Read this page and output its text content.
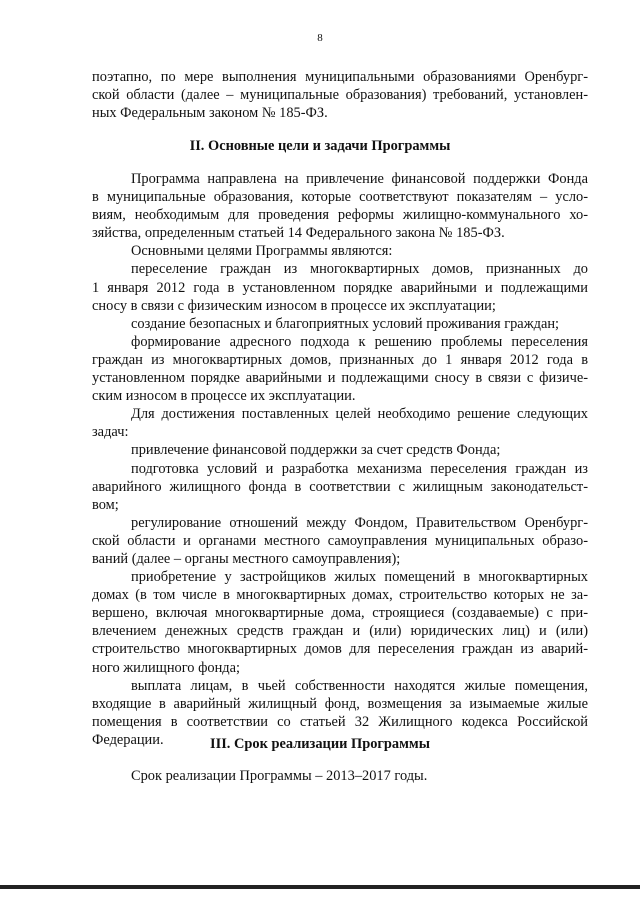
8
поэтапно, по мере выполнения муниципальными образованиями Оренбург-
ской области (далее – муниципальные образования) требований, установлен-
ных Федеральным законом № 185-ФЗ.
II. Основные цели и задачи Программы
Программа направлена на привлечение финансовой поддержки Фонда
в муниципальные образования, которые соответствуют показателям – усло-
виям, необходимым для проведения реформы жилищно-коммунального хо-
зяйства, определенным статьей 14 Федерального закона № 185-ФЗ.
Основными целями Программы являются:
переселение граждан из многоквартирных домов, признанных до
1 января 2012 года в установленном порядке аварийными и подлежащими
сносу в связи с физическим износом в процессе их эксплуатации;
создание безопасных и благоприятных условий проживания граждан;
формирование адресного подхода к решению проблемы переселения
граждан из многоквартирных домов, признанных до 1 января 2012 года в
установленном порядке аварийными и подлежащими сносу в связи с физиче-
ским износом в процессе их эксплуатации.
Для достижения поставленных целей необходимо решение следующих
задач:
привлечение финансовой поддержки за счет средств Фонда;
подготовка условий и разработка механизма переселения граждан из
аварийного жилищного фонда в соответствии с жилищным законодательст-
вом;
регулирование отношений между Фондом, Правительством Оренбург-
ской области и органами местного самоуправления муниципальных образо-
ваний (далее – органы местного самоуправления);
приобретение у застройщиков жилых помещений в многоквартирных
домах (в том числе в многоквартирных домах, строительство которых не за-
вершено, включая многоквартирные дома, строящиеся (создаваемые) с при-
влечением денежных средств граждан и (или) юридических лиц) и (или)
строительство многоквартирных домов для переселения граждан из аварий-
ного жилищного фонда;
выплата лицам, в чьей собственности находятся жилые помещения,
входящие в аварийный жилищный фонд, возмещения за изымаемые жилые
помещения в соответствии со статьей 32 Жилищного кодекса Российской
Федерации.	III. Срок реализации Программы
Срок реализации Программы – 2013–2017 годы.
